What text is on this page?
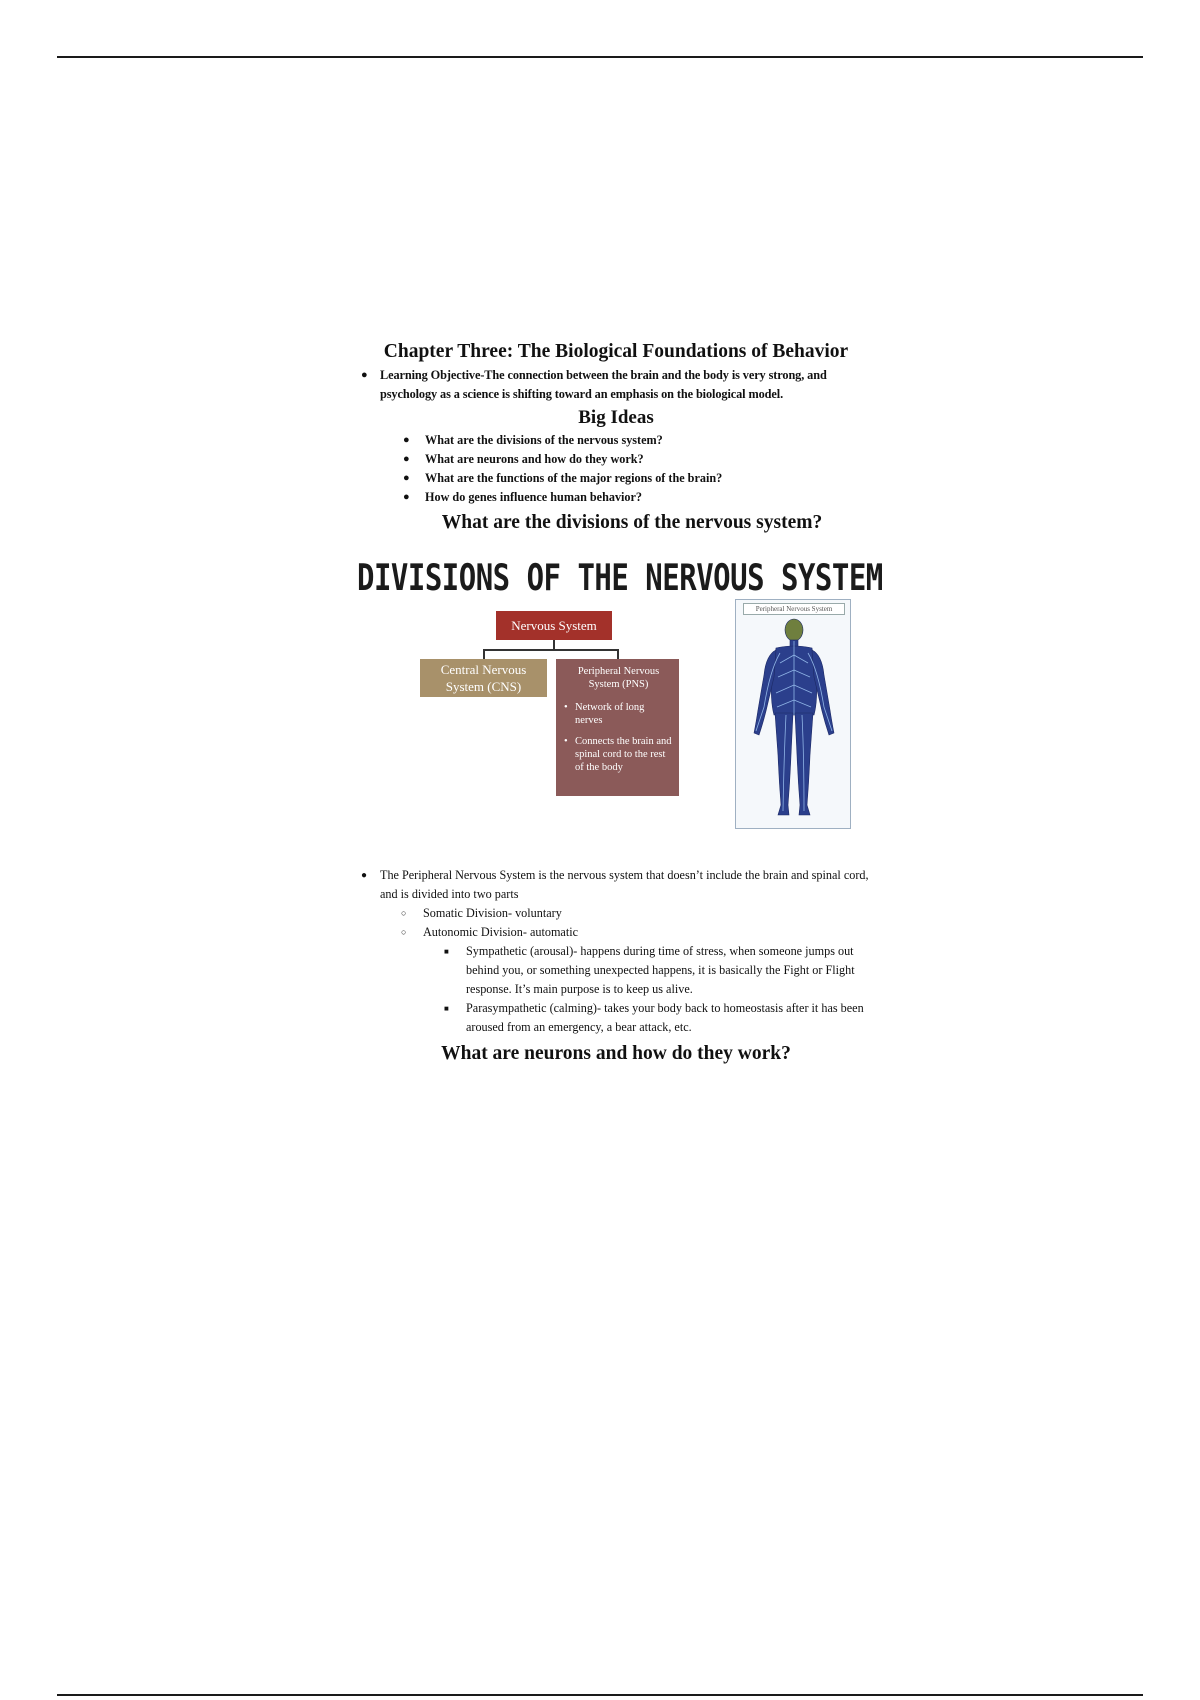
Chapter Three: The Biological Foundations of Behavior
●	Learning Objective-The connection between the brain and the body is very strong, and psychology as a science is shifting toward an emphasis on the biological model.
Big Ideas
●	What are the divisions of the nervous system?
●	What are neurons and how do they work?
●	What are the functions of the major regions of the brain?
●	How do genes influence human behavior?
What are the divisions of the nervous system?
DIVISIONS OF THE NERVOUS SYSTEM
Nervous System
Central Nervous System (CNS)
Peripheral Nervous System (PNS)
• Network of long nerves
• Connects the brain and spinal cord to the rest of the body
Peripheral Nervous System
●	The Peripheral Nervous System is the nervous system that doesn’t include the brain and spinal cord, and is divided into two parts
○	Somatic Division- voluntary
○	Autonomic Division- automatic
■	Sympathetic (arousal)- happens during time of stress, when someone jumps out behind you, or something unexpected happens, it is basically the Fight or Flight response. It’s main purpose is to keep us alive.
■	Parasympathetic (calming)- takes your body back to homeostasis after it has been aroused from an emergency, a bear attack, etc.
What are neurons and how do they work?
